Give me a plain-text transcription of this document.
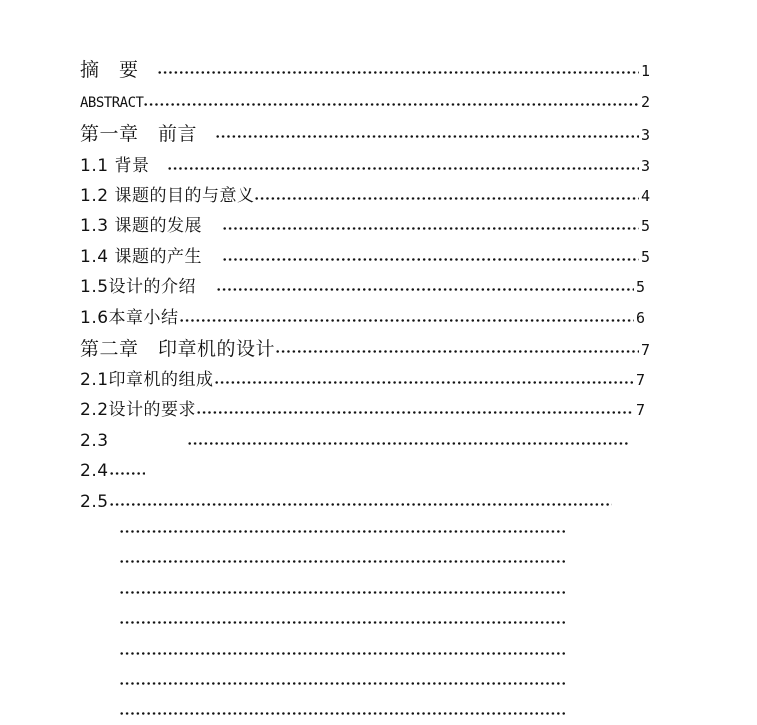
摘　要	1
ABSTRACT	2
第一章　前言	3
1.1 背景	3
1.2 课题的目的与意义	4
1.3 课题的发展	5
1.4 课题的产生	5
1.5设计的介绍	5
1.6本章小结	6
第二章　印章机的设计	7
2.1印章机的组成	7
2.2设计的要求	7
2.3
2.4
2.5
